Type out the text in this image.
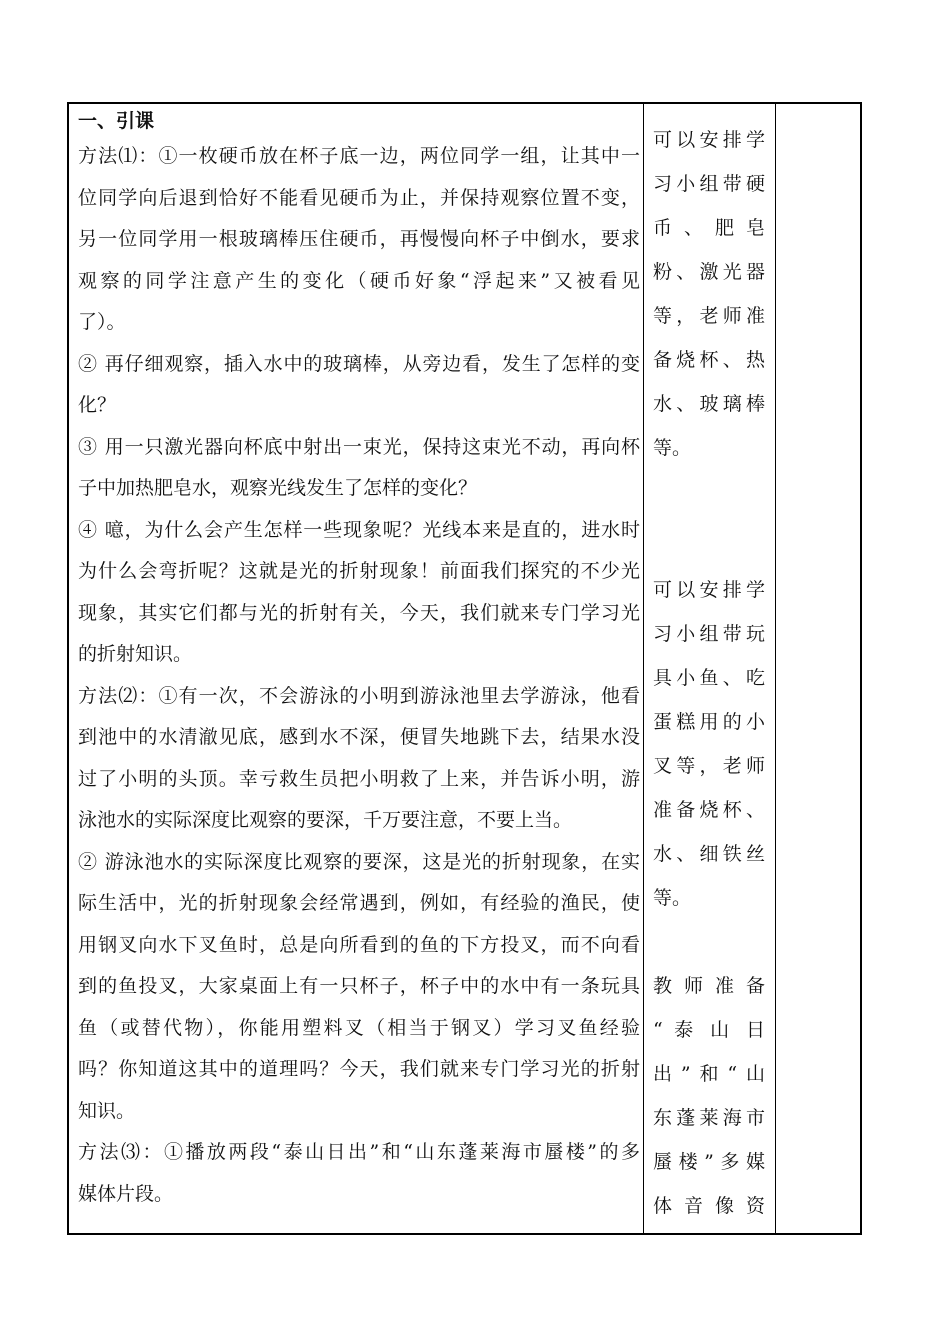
一、引课
方法⑴：①一枚硬币放在杯子底一边，两位同学一组，让其中一
位同学向后退到恰好不能看见硬币为止，并保持观察位置不变，
另一位同学用一根玻璃棒压住硬币，再慢慢向杯子中倒水，要求
观察的同学注意产生的变化（硬币好象“浮起来”又被看见
了）。
② 再仔细观察，插入水中的玻璃棒，从旁边看，发生了怎样的变
化？
③ 用一只激光器向杯底中射出一束光，保持这束光不动，再向杯
子中加热肥皂水，观察光线发生了怎样的变化？
④ 噫，为什么会产生怎样一些现象呢？光线本来是直的，进水时
为什么会弯折呢？这就是光的折射现象！前面我们探究的不少光
现象，其实它们都与光的折射有关，今天，我们就来专门学习光
的折射知识。
方法⑵：①有一次，不会游泳的小明到游泳池里去学游泳，他看
到池中的水清澈见底，感到水不深，便冒失地跳下去，结果水没
过了小明的头顶。幸亏救生员把小明救了上来，并告诉小明，游
泳池水的实际深度比观察的要深，千万要注意，不要上当。
② 游泳池水的实际深度比观察的要深，这是光的折射现象，在实
际生活中，光的折射现象会经常遇到，例如，有经验的渔民，使
用钢叉向水下叉鱼时，总是向所看到的鱼的下方投叉，而不向看
到的鱼投叉，大家桌面上有一只杯子，杯子中的水中有一条玩具
鱼（或替代物），你能用塑料叉（相当于钢叉）学习叉鱼经验
吗？你知道这其中的道理吗？今天，我们就来专门学习光的折射
知识。
方法⑶：①播放两段“泰山日出”和“山东蓬莱海市蜃楼”的多
媒体片段。
可以安排学
习小组带硬
币 、 肥 皂
粉、激光器
等，老师准
备烧杯、热
水、玻璃棒
等。
可以安排学
习小组带玩
具小鱼、吃
蛋糕用的小
叉等，老师
准备烧杯、
水、细铁丝
等。
教 师 准 备
“ 泰 山 日
出”和“山
东蓬莱海市
蜃楼”多媒
体 音 像 资
